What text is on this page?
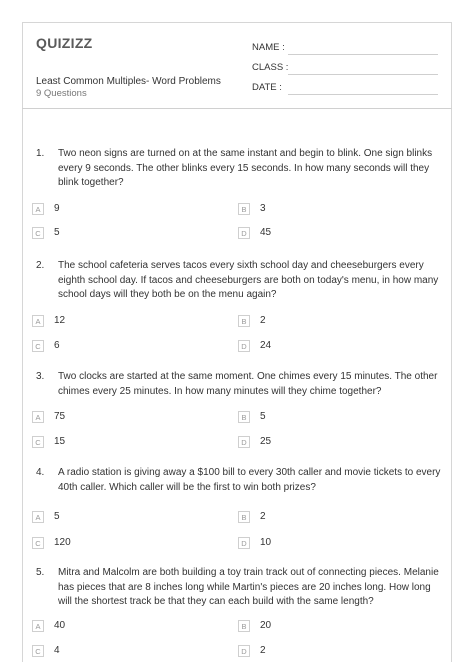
QUIZIZZ
Least Common Multiples- Word Problems
9 Questions
NAME :
CLASS :
DATE :
1. Two neon signs are turned on at the same instant and begin to blink. One sign blinks every 9 seconds. The other blinks every 15 seconds. In how many seconds will they blink together?
A	9	B	3
C	5	D	45
2. The school cafeteria serves tacos every sixth school day and cheeseburgers every eighth school day. If tacos and cheeseburgers are both on today's menu, in how many school days will they both be on the menu again?
A	12	B	2
C	6	D	24
3. Two clocks are started at the same moment. One chimes every 15 minutes. The other chimes every 25 minutes. In how many minutes will they chime together?
A	75	B	5
C	15	D	25
4. A radio station is giving away a $100 bill to every 30th caller and movie tickets to every 40th caller. Which caller will be the first to win both prizes?
A	5	B	2
C	120	D	10
5. Mitra and Malcolm are both building a toy train track out of connecting pieces. Melanie has pieces that are 8 inches long while Martin's pieces are 20 inches long. How long will the shortest track be that they can each build with the same length?
A	40	B	20
C	4	D	2
